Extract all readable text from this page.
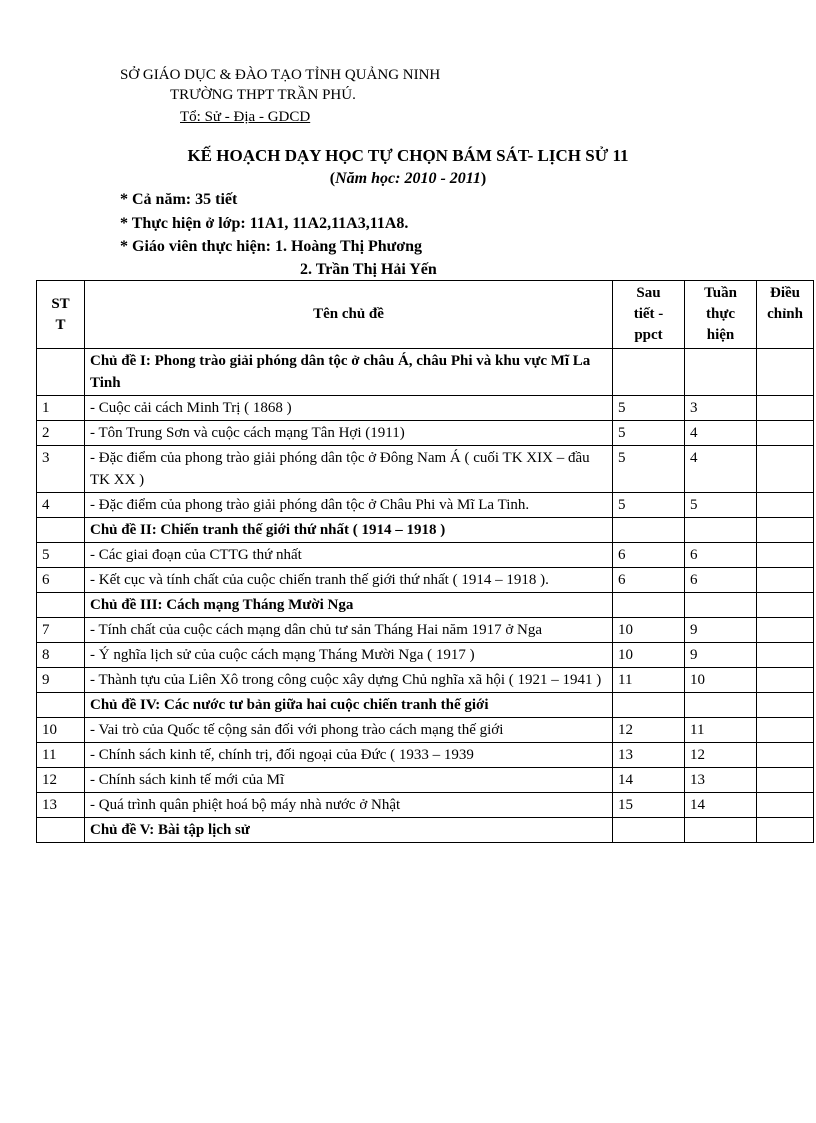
SỞ GIÁO DỤC & ĐÀO TẠO TỈNH QUẢNG NINH
TRƯỜNG THPT TRẦN PHÚ.
Tổ: Sử - Địa - GDCD
KẾ HOẠCH DẠY HỌC TỰ CHỌN BÁM SÁT- LỊCH SỬ 11
(Năm học: 2010 - 2011)
* Cả năm: 35 tiết
* Thực hiện ở lớp: 11A1, 11A2,11A3,11A8.
* Giáo viên thực hiện: 1. Hoàng Thị Phương
2. Trần Thị Hải Yến
ST
T	Tên chủ đề	Sau
tiết -
ppct	Tuần
thực
hiện	Điều
chỉnh
	Chủ đề I: Phong trào giải phóng dân tộc ở châu Á, châu Phi và khu vực Mĩ La Tinh			
1	- Cuộc cải cách Minh Trị ( 1868 )	5	3	
2	- Tôn Trung Sơn và cuộc cách mạng Tân Hợi (1911)	5	4	
3	- Đặc điểm của phong trào giải phóng dân tộc ở Đông Nam Á ( cuối TK XIX – đầu TK XX )	5	4	
4	- Đặc điểm của phong trào giải phóng dân tộc ở Châu Phi và Mĩ La Tinh.	5	5	
	Chủ đề II: Chiến tranh thế giới thứ nhất ( 1914 – 1918 )			
5	- Các giai đoạn của CTTG thứ nhất	6	6	
6	- Kết cục và tính chất của cuộc chiến tranh thế giới thứ nhất ( 1914 – 1918 ).	6	6	
	Chủ đề III: Cách mạng Tháng Mười Nga			
7	- Tính chất của cuộc cách mạng dân chủ tư sản Tháng Hai năm 1917 ở Nga	10	9	
8	- Ý nghĩa lịch sử của cuộc cách mạng Tháng Mười Nga ( 1917 )	10	9	
9	- Thành tựu của Liên Xô trong công cuộc xây dựng Chủ nghĩa xã hội ( 1921 – 1941 )	11	10	
	Chủ đề IV: Các nước tư bản giữa hai cuộc chiến tranh thế giới			
10	- Vai trò của Quốc tế cộng sản đối với phong trào cách mạng thế giới	12	11	
11	- Chính sách kinh tế, chính trị, đối ngoại của Đức ( 1933 – 1939	13	12	
12	- Chính sách kinh tế mới của Mĩ	14	13	
13	- Quá trình quân phiệt hoá bộ máy nhà nước ở Nhật	15	14	
	Chủ đề V: Bài tập lịch sử			
